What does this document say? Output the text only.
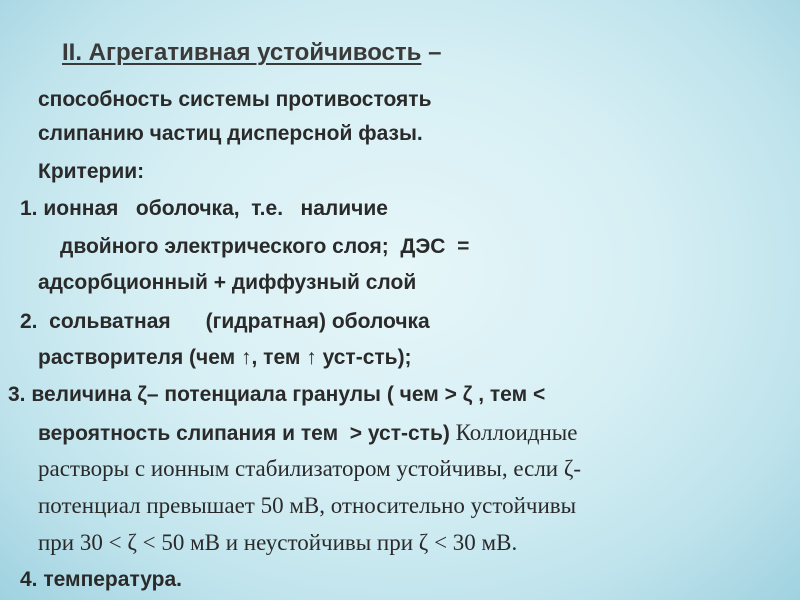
II. Агрегативная устойчивость –
способность системы противостоять
слипанию частиц дисперсной фазы.
Критерии:
1. ионная   оболочка,  т.е.   наличие
двойного электрического слоя;  ДЭС  =
адсорбционный + диффузный слой
2.  сольватная      (гидратная) оболочка
растворителя (чем ↑, тем ↑ уст-сть);
3. величина ζ– потенциала гранулы ( чем > ζ , тем <
вероятность слипания и тем  > уст-сть) Коллоидные
растворы с ионным стабилизатором устойчивы, если ζ-
потенциал превышает 50 мВ, относительно устойчивы
при 30 < ζ < 50 мВ и неустойчивы при ζ < 30 мВ.
4. температура.
